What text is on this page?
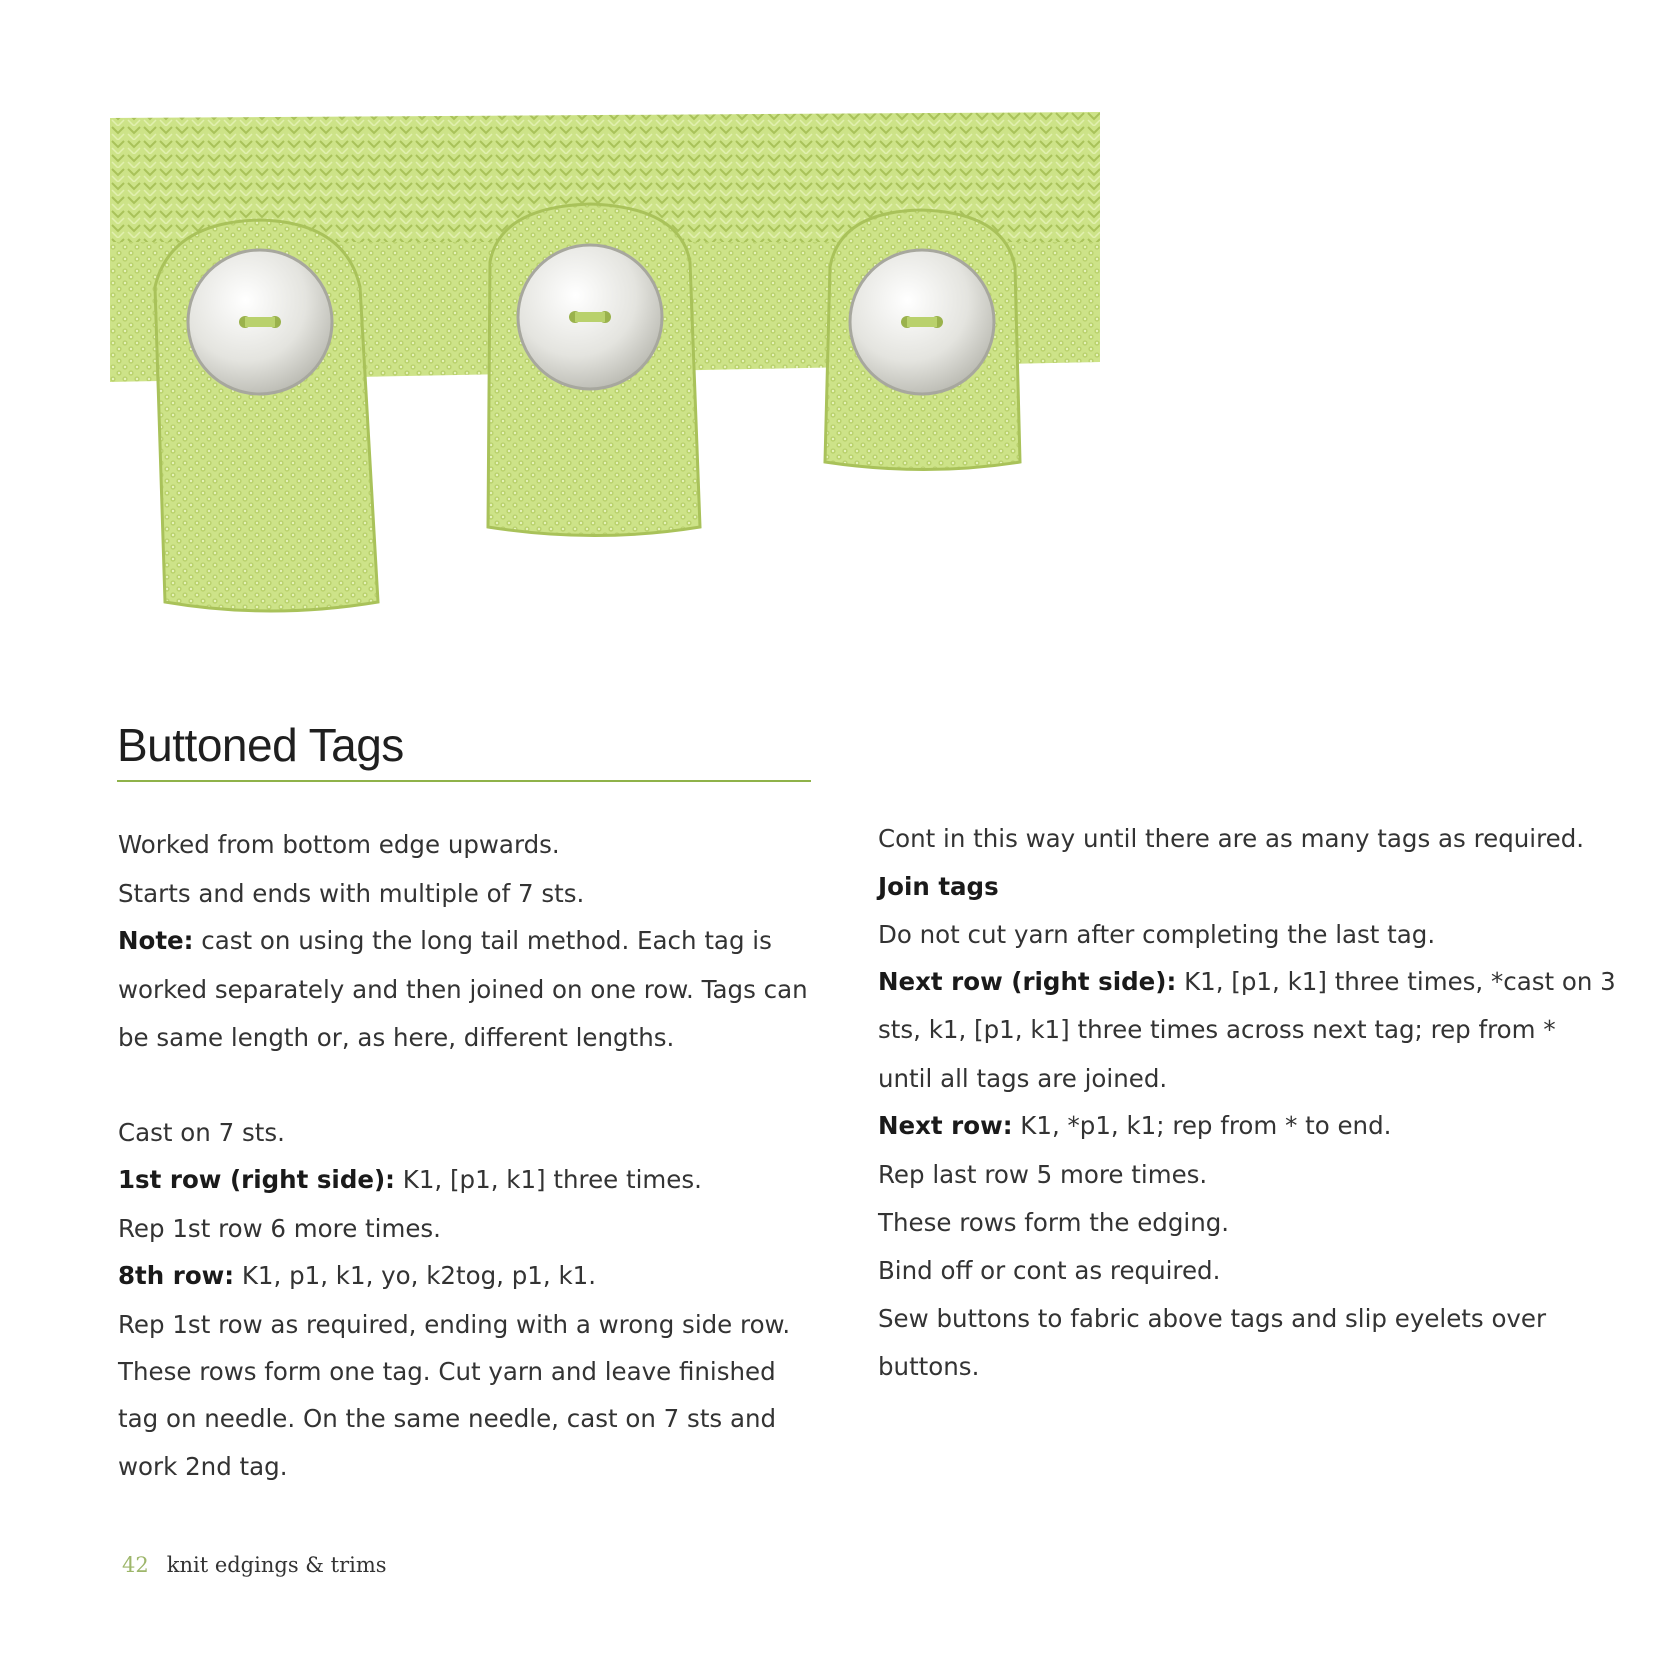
Buttoned Tags

Worked from bottom edge upwards.

Starts and ends with multiple of 7 sts.

Note: cast on using the long tail method. Each tag is

worked separately and then joined on one row. Tags can

be same length or, as here, different lengths.

Cast on 7 sts.

1st row (right side): K1, [p1, k1] three times.

Rep 1st row 6 more times.

8th row: K1, p1, k1, yo, k2tog, p1, k1.

Rep 1st row as required, ending with a wrong side row.

These rows form one tag. Cut yarn and leave finished

tag on needle. On the same needle, cast on 7 sts and

work 2nd tag.

Cont in this way until there are as many tags as required.

Join tags

Do not cut yarn after completing the last tag.

Next row (right side): K1, [p1, k1] three times, *cast on 3

sts, k1, [p1, k1] three times across next tag; rep from *

until all tags are joined.

Next row: K1, *p1, k1; rep from * to end.

Rep last row 5 more times.

These rows form the edging.

Bind off or cont as required.

Sew buttons to fabric above tags and slip eyelets over

buttons.

42 knit edgings & trims
